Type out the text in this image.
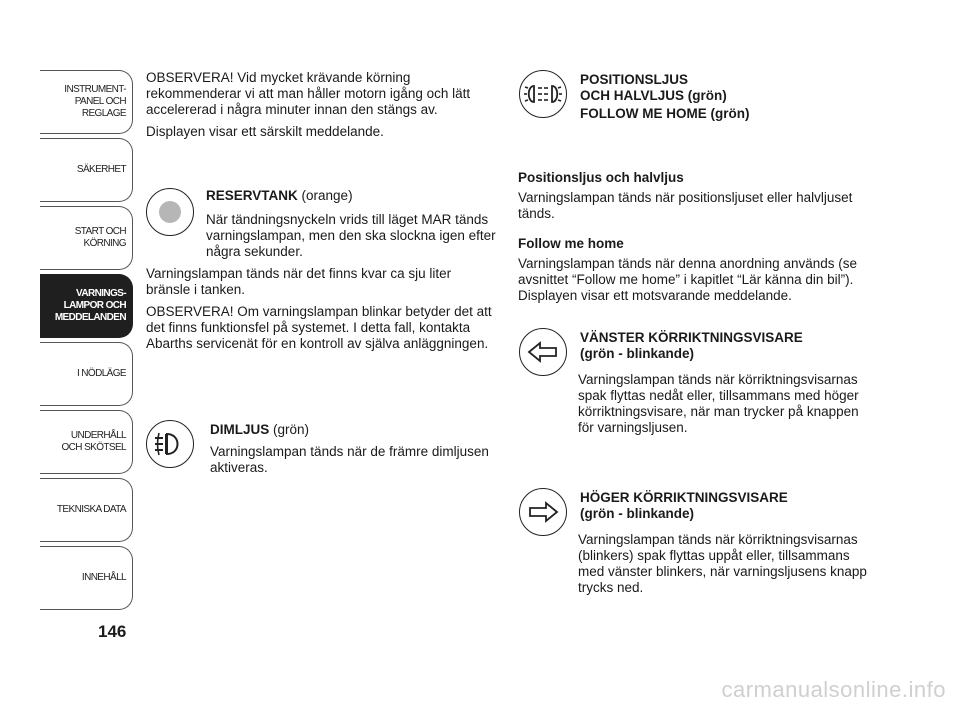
INSTRUMENT-
PANEL OCH
REGLAGE
SÄKERHET
START OCH
KÖRNING
VARNINGS-
LAMPOR OCH
MEDDELANDEN
I NÖDLÄGE
UNDERHÅLL
OCH SKÖTSEL
TEKNISKA DATA
INNEHÅLL
146

OBSERVERA! Vid mycket krävande körning rekommenderar vi att man håller motorn igång och lätt accelererad i några minuter innan den stängs av.

Displayen visar ett särskilt meddelande.

RESERVTANK (orange)

När tändningsnyckeln vrids till läget MAR tänds varningslampan, men den ska slockna igen efter några sekunder.

Varningslampan tänds när det finns kvar ca sju liter bränsle i tanken.

OBSERVERA! Om varningslampan blinkar betyder det att det finns funktionsfel på systemet. I detta fall, kontakta Abarths servicenät för en kontroll av själva anläggningen.

DIMLJUS (grön)

Varningslampan tänds när de främre dimljusen aktiveras.

POSITIONSLJUS

OCH HALVLJUS (grön)

FOLLOW ME HOME (grön)

Positionsljus och halvljus

Varningslampan tänds när positionsljuset eller halvljuset tänds.

Follow me home

Varningslampan tänds när denna anordning används (se avsnittet “Follow me home” i kapitlet “Lär känna din bil”). Displayen visar ett motsvarande meddelande.

VÄNSTER KÖRRIKTNINGSVISARE

(grön - blinkande)

Varningslampan tänds när körriktningsvisarnas spak flyttas nedåt eller, tillsammans med höger körriktningsvisare, när man trycker på knappen för varningsljusen.

HÖGER KÖRRIKTNINGSVISARE

(grön - blinkande)

Varningslampan tänds när körriktningsvisarnas (blinkers) spak flyttas uppåt eller, tillsammans med vänster blinkers, när varningsljusens knapp trycks ned.

carmanualsonline.info
